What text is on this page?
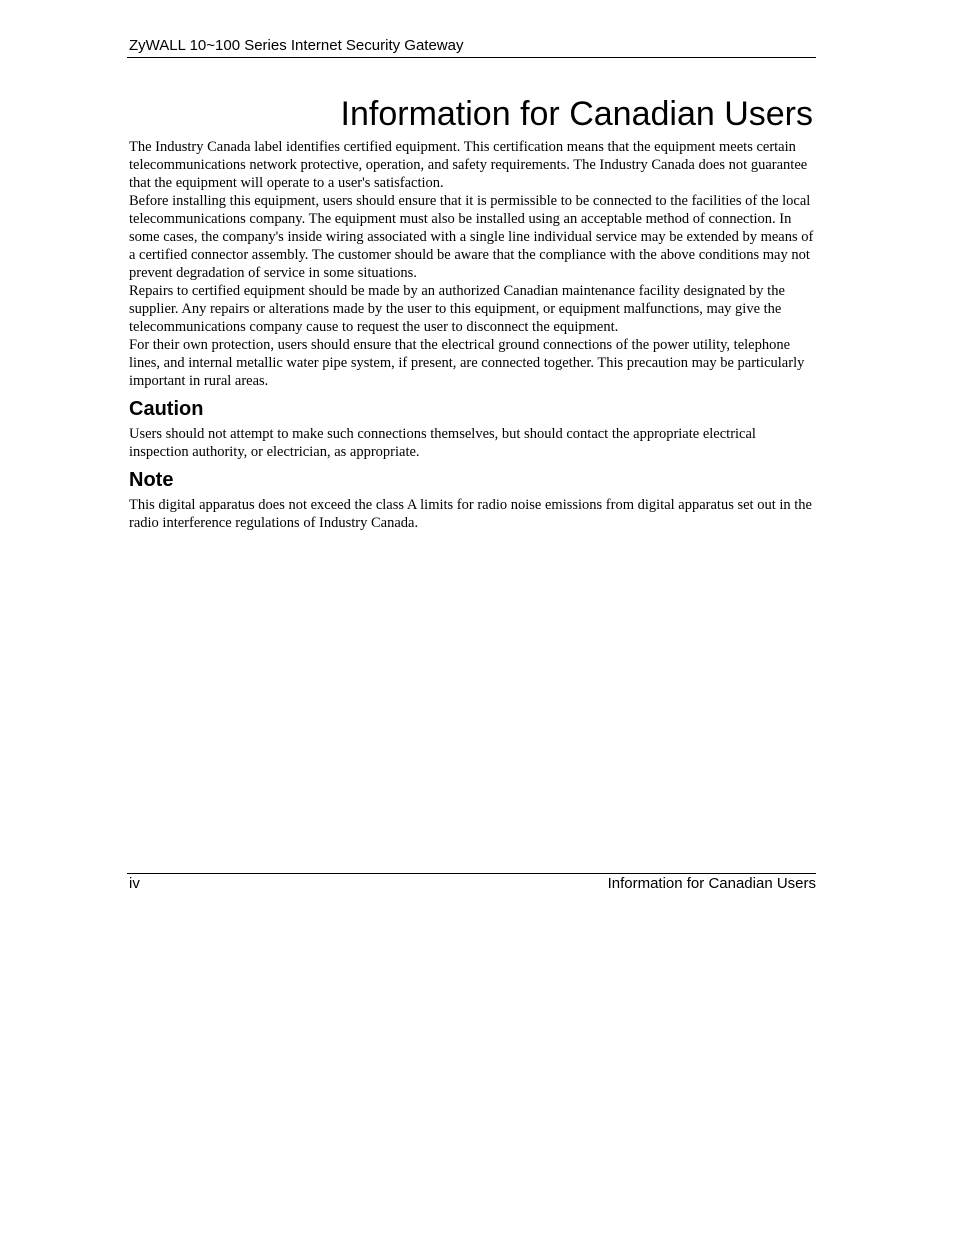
ZyWALL 10~100 Series Internet Security Gateway
Information for Canadian Users

The Industry Canada label identifies certified equipment. This certification means that the equipment meets certain telecommunications network protective, operation, and safety requirements. The Industry Canada does not guarantee that the equipment will operate to a user's satisfaction.

Before installing this equipment, users should ensure that it is permissible to be connected to the facilities of the local telecommunications company. The equipment must also be installed using an acceptable method of connection. In some cases, the company's inside wiring associated with a single line individual service may be extended by means of a certified connector assembly. The customer should be aware that the compliance with the above conditions may not prevent degradation of service in some situations.

Repairs to certified equipment should be made by an authorized Canadian maintenance facility designated by the supplier. Any repairs or alterations made by the user to this equipment, or equipment malfunctions, may give the telecommunications company cause to request the user to disconnect the equipment.

For their own protection, users should ensure that the electrical ground connections of the power utility, telephone lines, and internal metallic water pipe system, if present, are connected together. This precaution may be particularly important in rural areas.

Caution

Users should not attempt to make such connections themselves, but should contact the appropriate electrical inspection authority, or electrician, as appropriate.

Note

This digital apparatus does not exceed the class A limits for radio noise emissions from digital apparatus set out in the radio interference regulations of Industry Canada.

iv	Information for Canadian Users
